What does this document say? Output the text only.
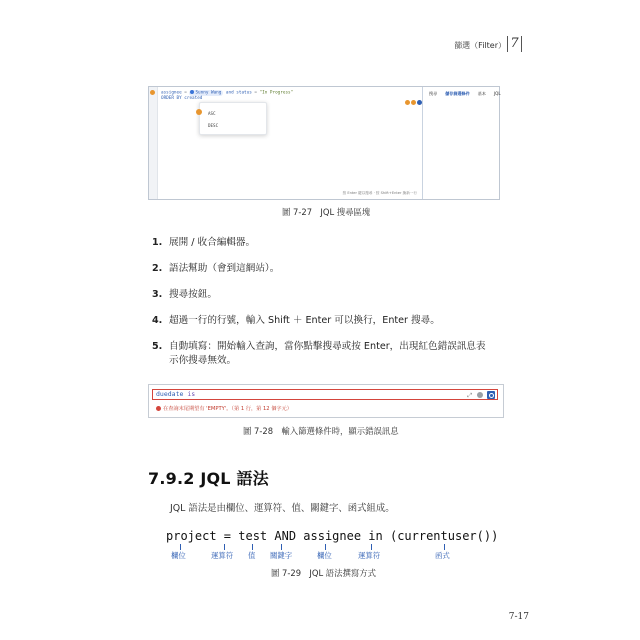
篩選（Filter） 7
assignee = Sunny Wang and status = "In Progress"
ORDER BY created
ASC
DESC
按 Enter 鍵以搜尋 · 按 Shift+Enter 換新一行
搜尋 儲存篩選條件 基本 JQL
圖 7-27　JQL 搜尋區塊
1. 展開 / 收合編輯器。
2. 語法幫助（會到這網站）。
3. 搜尋按鈕。
4. 超過一行的行號，輸入 Shift ＋ Enter 可以換行，Enter 搜尋。
5. 自動填寫：開始輸入查詢，當你點擊搜尋或按 Enter，出現紅色錯誤訊息表示你搜尋無效。
duedate is	⤢
在查詢末尾期望有 'EMPTY'。（第 1 行，第 12 個字元）
圖 7-28　輸入篩選條件時，顯示錯誤訊息
7.9.2 JQL 語法
JQL 語法是由欄位、運算符、值、關鍵字、函式組成。
project = test AND assignee in (currentuser())
欄位	運算符 值 關鍵字	欄位	運算符	函式
圖 7-29　JQL 語法撰寫方式
7-17
